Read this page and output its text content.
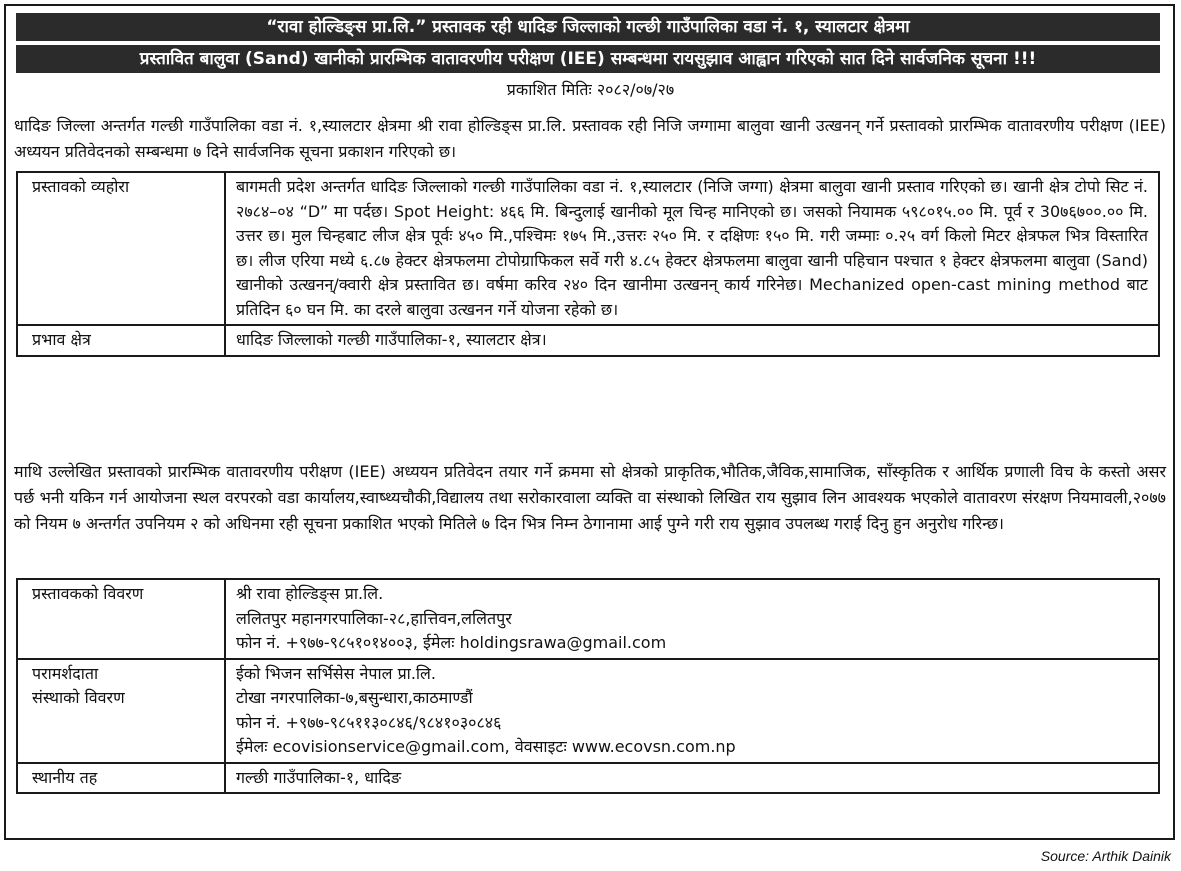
“रावा होल्डिङ्स प्रा.लि.” प्रस्तावक रही धादिङ जिल्लाको गल्छी गाउँपालिका वडा नं. १, स्यालटार क्षेत्रमा
प्रस्तावित बालुवा (Sand) खानीको प्रारम्भिक वातावरणीय परीक्षण (IEE) सम्बन्धमा रायसुझाव आह्वान गरिएको सात दिने सार्वजनिक सूचना !!!
प्रकाशित मितिः २०८२/०७/२७

धादिङ जिल्ला अन्तर्गत गल्छी गाउँपालिका वडा नं. १,स्यालटार क्षेत्रमा श्री रावा होल्डिङ्स प्रा.लि. प्रस्तावक रही निजि जग्गामा बालुवा खानी उत्खनन् गर्ने प्रस्तावको प्रारम्भिक वातावरणीय परीक्षण (IEE) अध्ययन प्रतिवेदनको सम्बन्धमा ७ दिने सार्वजनिक सूचना प्रकाशन गरिएको छ।

प्रस्तावको व्यहोरा	बागमती प्रदेश अन्तर्गत धादिङ जिल्लाको गल्छी गाउँपालिका वडा नं. १,स्यालटार (निजि जग्गा) क्षेत्रमा बालुवा खानी प्रस्ताव गरिएको छ। खानी क्षेत्र टोपो सिट नं. २७८४–०४ “D” मा पर्दछ। Spot Height: ४६६ मि. बिन्दुलाई खानीको मूल चिन्ह मानिएको छ। जसको नियामक ५९८०१५.०० मि. पूर्व र 30७६७००.०० मि. उत्तर छ। मुल चिन्हबाट लीज क्षेत्र पूर्वः ४५० मि.,पश्चिमः १७५ मि.,उत्तरः २५० मि. र दक्षिणः १५० मि. गरी जम्माः ०.२५ वर्ग किलो मिटर क्षेत्रफल भित्र विस्तारित छ। लीज एरिया मध्ये ६.८७ हेक्टर क्षेत्रफलमा टोपोग्राफिकल सर्वे गरी ४.८५ हेक्टर क्षेत्रफलमा बालुवा खानी पहिचान पश्चात १ हेक्टर क्षेत्रफलमा बालुवा (Sand) खानीको उत्खनन्/क्वारी क्षेत्र प्रस्तावित छ। वर्षमा करिव २४० दिन खानीमा उत्खनन् कार्य गरिनेछ। Mechanized open-cast mining method बाट प्रतिदिन ६० घन मि. का दरले बालुवा उत्खनन गर्ने योजना रहेको छ।
प्रभाव क्षेत्र	धादिङ जिल्लाको गल्छी गाउँपालिका-१, स्यालटार क्षेत्र।

माथि उल्लेखित प्रस्तावको प्रारम्भिक वातावरणीय परीक्षण (IEE) अध्ययन प्रतिवेदन तयार गर्ने क्रममा सो क्षेत्रको प्राकृतिक,भौतिक,जैविक,सामाजिक, साँस्कृतिक र आर्थिक प्रणाली विच के कस्तो असर पर्छ भनी यकिन गर्न आयोजना स्थल वरपरको वडा कार्यालय,स्वाष्थ्यचौकी,विद्यालय तथा सरोकारवाला व्यक्ति वा संस्थाको लिखित राय सुझाव लिन आवश्यक भएकोले वातावरण संरक्षण नियमावली,२०७७ को नियम ७ अन्तर्गत उपनियम २ को अधिनमा रही सूचना प्रकाशित भएको मितिले ७ दिन भित्र निम्न ठेगानामा आई पुग्ने गरी राय सुझाव उपलब्ध गराई दिनु हुन अनुरोध गरिन्छ।

प्रस्तावकको विवरण	श्री रावा होल्डिङ्स प्रा.लि.
ललितपुर महानगरपालिका-२८,हात्तिवन,ललितपुर
फोन नं. +९७७-९८५१०१४००३, ईमेलः holdingsrawa@gmail.com

परामर्शदाता
संस्थाको विवरण	ईको भिजन सर्भिसेस नेपाल प्रा.लि.
टोखा नगरपालिका-७,बसुन्धारा,काठमाण्डौं
फोन नं. +९७७-९८५११३०८४६/९८४१०३०८४६
ईमेलः ecovisionservice@gmail.com, वेवसाइटः www.ecovsn.com.np

स्थानीय तह	गल्छी गाउँपालिका-१, धादिङ
Source: Arthik Dainik
